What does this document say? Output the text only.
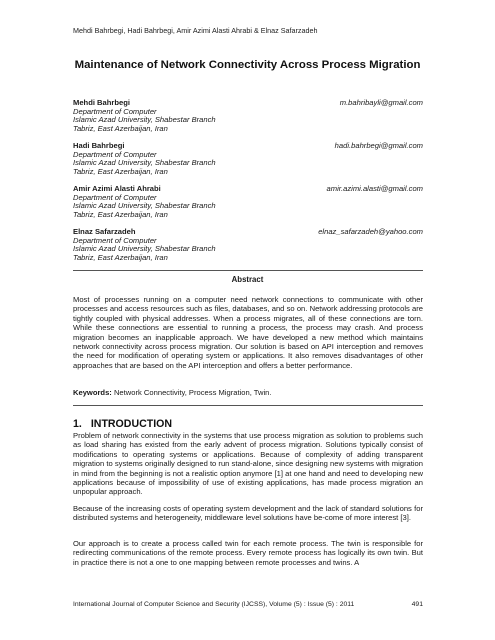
Mehdi Bahrbegi, Hadi Bahrbegi, Amir Azimi Alasti Ahrabi & Elnaz Safarzadeh
Maintenance of Network Connectivity Across Process Migration
Mehdi Bahrbegi	m.bahribayli@gmail.com
Department of Computer
Islamic Azad University, Shabestar Branch
Tabriz, East Azerbaijan, Iran
Hadi Bahrbegi	hadi.bahrbegi@gmail.com
Department of Computer
Islamic Azad University, Shabestar Branch
Tabriz, East Azerbaijan, Iran
Amir Azimi Alasti Ahrabi	amir.azimi.alasti@gmail.com
Department of Computer
Islamic Azad University, Shabestar Branch
Tabriz, East Azerbaijan, Iran
Elnaz Safarzadeh	elnaz_safarzadeh@yahoo.com
Department of Computer
Islamic Azad University, Shabestar Branch
Tabriz, East Azerbaijan, Iran
Abstract

Most of processes running on a computer need network connections to communicate with other processes and access resources such as files, databases, and so on. Network addressing protocols are tightly coupled with physical addresses. When a process migrates, all of these connections are torn. While these connections are essential to running a process, the process may crash. And process migration becomes an inapplicable approach. We have developed a new method which maintains network connectivity across process migration. Our solution is based on API interception and removes the need for modification of operating system or applications. It also removes disadvantages of other approaches that are based on the API interception and offers a better performance.

Keywords: Network Connectivity, Process Migration, Twin.
1. INTRODUCTION

Problem of network connectivity in the systems that use process migration as solution to problems such as load sharing has existed from the early advent of process migration. Solutions typically consist of modifications to operating systems or applications. Because of complexity of adding transparent migration to systems originally designed to run stand-alone, since designing new systems with migration in mind from the beginning is not a realistic option anymore [1] at one hand and need to developing new applications because of impossibility of use of existing applications, has made process migration an unpopular approach.

Because of the increasing costs of operating system development and the lack of standard solutions for distributed systems and heterogeneity, middleware level solutions have be-come of more interest [3].

Our approach is to create a process called twin for each remote process. The twin is responsible for redirecting communications of the remote process. Every remote process has logically its own twin. But in practice there is not a one to one mapping between remote processes and twins. A

International Journal of Computer Science and Security (IJCSS), Volume (5) : Issue (5) : 2011	491
